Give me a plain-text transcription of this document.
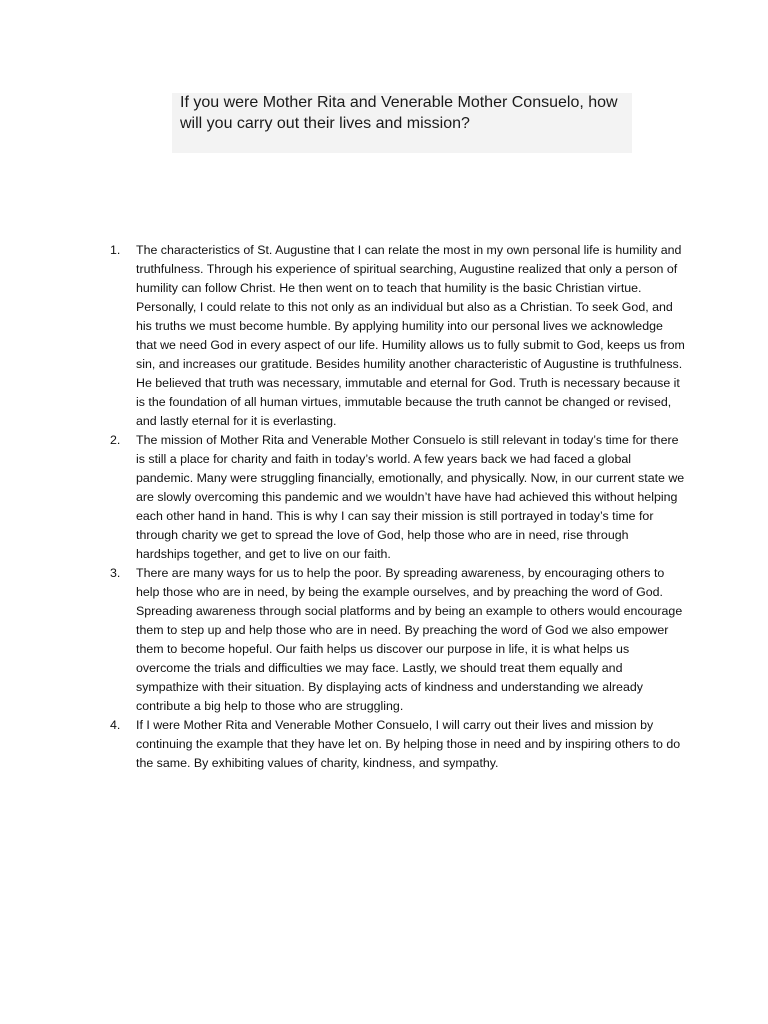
If you were Mother Rita and Venerable Mother Consuelo, how will you carry out their lives and mission?

1. The characteristics of St. Augustine that I can relate the most in my own personal life is humility and truthfulness. Through his experience of spiritual searching, Augustine realized that only a person of humility can follow Christ. He then went on to teach that humility is the basic Christian virtue. Personally, I could relate to this not only as an individual but also as a Christian. To seek God, and his truths we must become humble. By applying humility into our personal lives we acknowledge that we need God in every aspect of our life. Humility allows us to fully submit to God, keeps us from sin, and increases our gratitude. Besides humility another characteristic of Augustine is truthfulness. He believed that truth was necessary, immutable and eternal for God. Truth is necessary because it is the foundation of all human virtues, immutable because the truth cannot be changed or revised, and lastly eternal for it is everlasting.
2. The mission of Mother Rita and Venerable Mother Consuelo is still relevant in today’s time for there is still a place for charity and faith in today’s world. A few years back we had faced a global pandemic. Many were struggling financially, emotionally, and physically. Now, in our current state we are slowly overcoming this pandemic and we wouldn’t have have had achieved this without helping each other hand in hand. This is why I can say their mission is still portrayed in today’s time for through charity we get to spread the love of God, help those who are in need, rise through hardships together, and get to live on our faith.
3. There are many ways for us to help the poor. By spreading awareness, by encouraging others to help those who are in need, by being the example ourselves, and by preaching the word of God. Spreading awareness through social platforms and by being an example to others would encourage them to step up and help those who are in need. By preaching the word of God we also empower them to become hopeful. Our faith helps us discover our purpose in life, it is what helps us overcome the trials and difficulties we may face. Lastly, we should treat them equally and sympathize with their situation. By displaying acts of kindness and understanding we already contribute a big help to those who are struggling.
4. If I were Mother Rita and Venerable Mother Consuelo, I will carry out their lives and mission by continuing the example that they have let on. By helping those in need and by inspiring others to do the same. By exhibiting values of charity, kindness, and sympathy.
